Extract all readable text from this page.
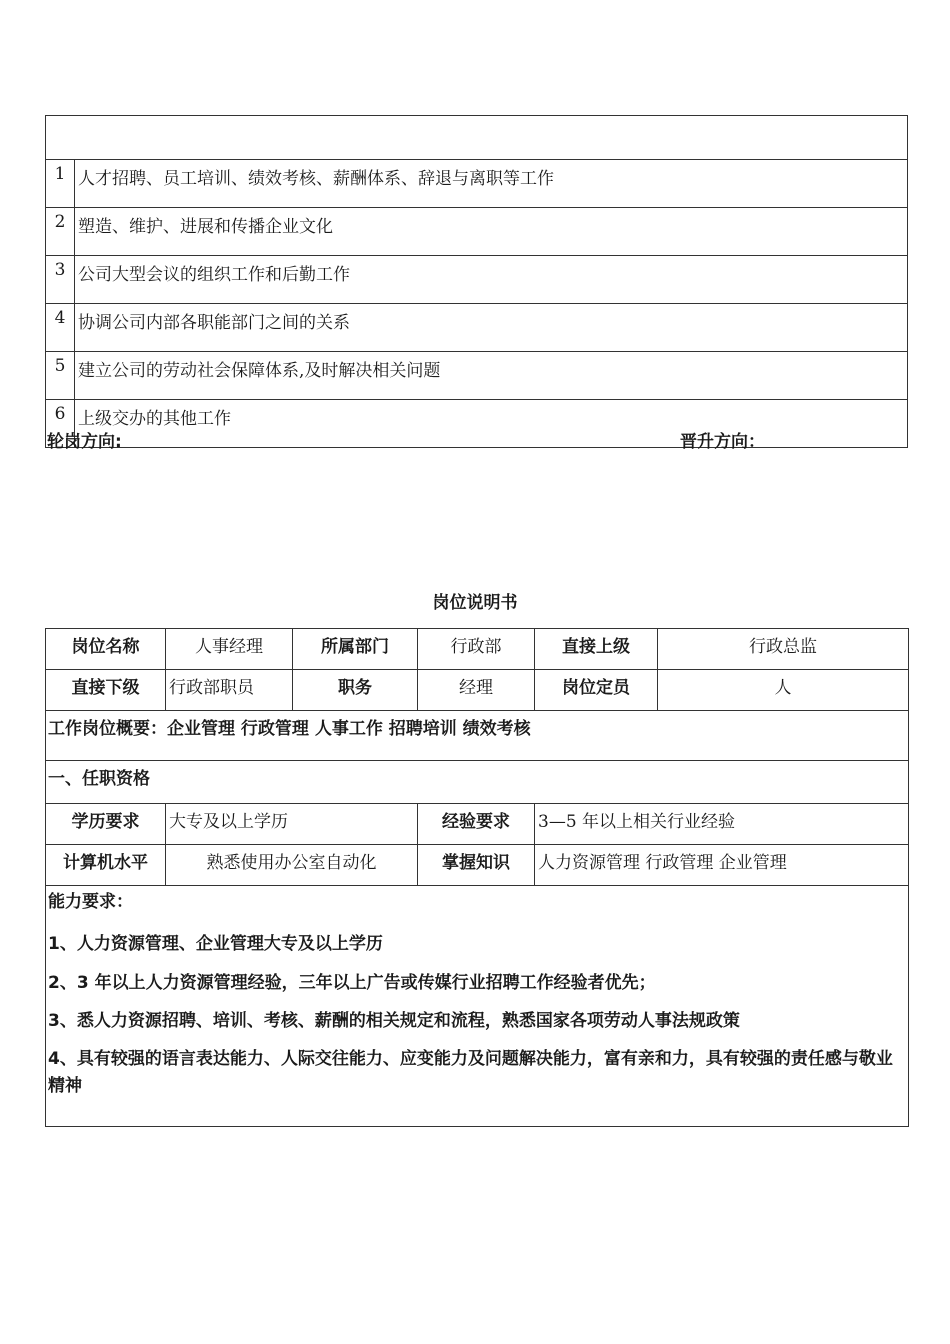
1	人才招聘、员工培训、绩效考核、薪酬体系、辞退与离职等工作
2	塑造、维护、进展和传播企业文化
3	公司大型会议的组织工作和后勤工作
4	协调公司内部各职能部门之间的关系
5	建立公司的劳动社会保障体系,及时解决相关问题
6	上级交办的其他工作
轮岗方向:	晋升方向：
岗位说明书
岗位名称	人事经理	所属部门	行政部	直接上级	行政总监
直接下级	行政部职员	职务	经理	岗位定员	人
工作岗位概要：企业管理 行政管理 人事工作 招聘培训 绩效考核					
一、任职资格					
学历要求	大专及以上学历		经验要求	3—5 年以上相关行业经验	
计算机水平	熟悉使用办公室自动化		掌握知识	人力资源管理 行政管理 企业管理	

能力要求：

1、人力资源管理、企业管理大专及以上学历

2、3 年以上人力资源管理经验，三年以上广告或传媒行业招聘工作经验者优先；

3、悉人力资源招聘、培训、考核、薪酬的相关规定和流程，熟悉国家各项劳动人事法规政策

4、具有较强的语言表达能力、人际交往能力、应变能力及问题解决能力，富有亲和力，具有较强的责任感与敬业精神					
